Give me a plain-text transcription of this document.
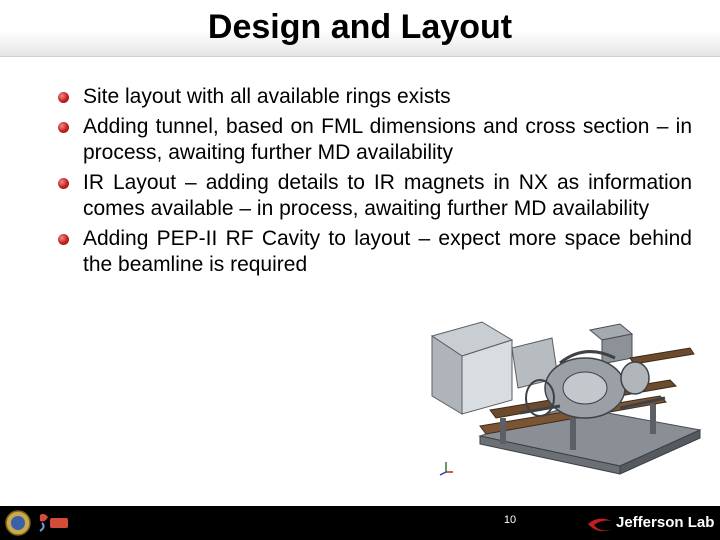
Design and Layout
Site layout with all available rings exists
Adding tunnel, based on FML dimensions and cross section – in process, awaiting further MD availability
IR Layout – adding details to IR magnets in NX as information comes available – in process, awaiting further MD availability
Adding PEP-II RF Cavity to layout – expect more space behind the beamline is required
10	Jefferson Lab
